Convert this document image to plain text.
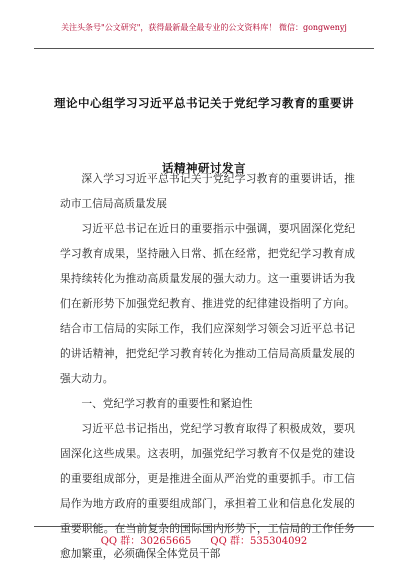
关注头条号"公文研究"，获得最新最全最专业的公文资料库！ 微信：gongwenyj
理论中心组学习习近平总书记关于党纪学习教育的重要讲
话精神研讨发言

深入学习习近平总书记关于党纪学习教育的重要讲话，推动市工信局高质量发展

习近平总书记在近日的重要指示中强调，要巩固深化党纪学习教育成果，坚持融入日常、抓在经常，把党纪学习教育成果持续转化为推动高质量发展的强大动力。这一重要讲话为我们在新形势下加强党纪教育、推进党的纪律建设指明了方向。结合市工信局的实际工作，我们应深刻学习领会习近平总书记的讲话精神，把党纪学习教育转化为推动工信局高质量发展的强大动力。

一、党纪学习教育的重要性和紧迫性

习近平总书记指出，党纪学习教育取得了积极成效，要巩固深化这些成果。这表明，加强党纪学习教育不仅是党的建设的重要组成部分，更是推进全面从严治党的重要抓手。市工信局作为地方政府的重要组成部门，承担着工业和信息化发展的重要职能。在当前复杂的国际国内形势下，工信局的工作任务愈加繁重，必须确保全体党员干部

QQ 群：30265665 QQ 群：535304092
